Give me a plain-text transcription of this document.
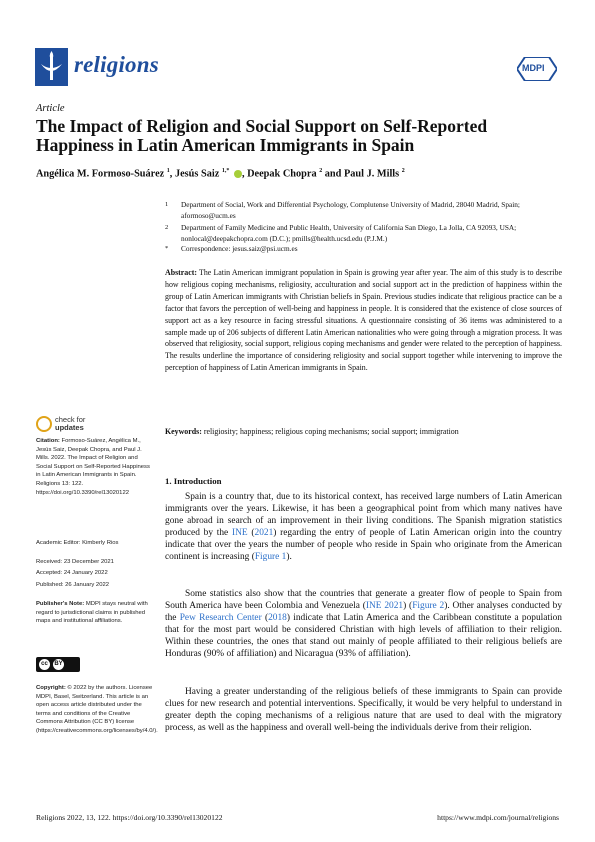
religions	MDPI
Article
The Impact of Religion and Social Support on Self-Reported Happiness in Latin American Immigrants in Spain
Angélica M. Formoso-Suárez $^1$, Jesús Saiz $^{1,*}$ , Deepak Chopra $^2$ and Paul J. Mills $^2$
1 Department of Social, Work and Differential Psychology, Complutense University of Madrid, 28040 Madrid, Spain; aformoso@ucm.es
2 Department of Family Medicine and Public Health, University of California San Diego, La Jolla, CA 92093, USA; nonlocal@deepakchopra.com (D.C.); pmills@health.ucsd.edu (P.J.M.)
* Correspondence: jesus.saiz@psi.ucm.es
Abstract: The Latin American immigrant population in Spain is growing year after year. The aim of this study is to describe how religious coping mechanisms, religiosity, acculturation and social support act in the prediction of happiness within the group of Latin American immigrants with Christian beliefs in Spain. Previous studies indicate that religious practice can be a factor that favors the perception of well-being and happiness in people. It is considered that the existence of close sources of support act as a key resource in facing stressful situations. A questionnaire consisting of 36 items was administered to a sample made up of 206 subjects of different Latin American nationalities who were going through a migration process. It was observed that religiosity, social support, religious coping mechanisms and gender were related to the perception of happiness. The results underline the importance of considering religiosity and social support together while intervening to improve the perception of happiness of Latin American immigrants in Spain.
Keywords: religiosity; happiness; religious coping mechanisms; social support; immigration
check for
updates
Citation: Formoso-Suárez, Angélica M., Jesús Saiz, Deepak Chopra, and Paul J. Mills. 2022. The Impact of Religion and Social Support on Self-Reported Happiness in Latin American Immigrants in Spain. Religions 13: 122. https://doi.org/10.3390/rel13020122
Academic Editor: Kimberly Rios
Received: 23 December 2021
Accepted: 24 January 2022
Published: 26 January 2022
Publisher's Note: MDPI stays neutral with regard to jurisdictional claims in published maps and institutional affiliations.
cc	BY
Copyright: © 2022 by the authors. Licensee MDPI, Basel, Switzerland. This article is an open access article distributed under the terms and conditions of the Creative Commons Attribution (CC BY) license (https://creativecommons.org/licenses/by/4.0/).
1. Introduction

Spain is a country that, due to its historical context, has received large numbers of Latin American immigrants over the years. Likewise, it has been a geographical point from which many natives have gone abroad in search of an improvement in their living conditions. The Spanish migration statistics produced by the INE (2021) regarding the entry of people of Latin American origin into the country indicate that over the years the number of people who reside in Spain who originate from the American continent is increasing (Figure 1).

Some statistics also show that the countries that generate a greater flow of people to Spain from South America have been Colombia and Venezuela (INE 2021) (Figure 2). Other analyses conducted by the Pew Research Center (2018) indicate that Latin America and the Caribbean constitute a population that for the most part would be considered Christian with high levels of affiliation to their religion. Within these countries, the ones that stand out mainly of people affiliated to their religious beliefs are Honduras (90% of affiliation) and Nicaragua (93% of affiliation).

Having a greater understanding of the religious beliefs of these immigrants to Spain can provide clues for new research and potential interventions. Specifically, it would be very helpful to understand in greater depth the coping mechanisms of a religious nature that are used to deal with the migratory process, as well as the happiness and overall well-being the individuals derive from their religion.

Religions 2022, 13, 122. https://doi.org/10.3390/rel13020122	https://www.mdpi.com/journal/religions
